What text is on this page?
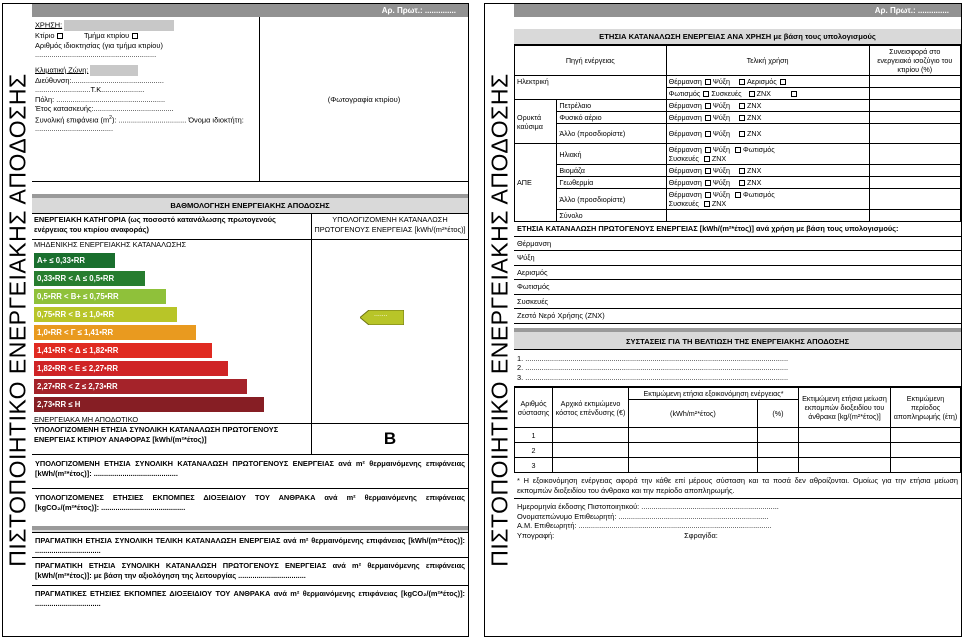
ΠΙΣΤΟΠΟΙΗΤΙΚΟ ΕΝΕΡΓΕΙΑΚΗΣ ΑΠΟΔΟΣΗΣ
Αρ. Πρωτ.: ..............
ΧΡΗΣΗ:
Κτίριο	Τμήμα κτιρίου
Αριθμός ιδιοκτησίας (για τμήμα κτιρίου)
...........................................................
Κλιματική Ζώνη:
Διεύθυνση:.............................................
...........................Τ.Κ.....................
Πόλη: .....................................................
Έτος κατασκευής:.......................................
Συνολική επιφάνεια $(m^2)$: ................................. Όνομα ιδιοκτήτη: ......................................
(Φωτογραφία κτιρίου)
ΒΑΘΜΟΛΟΓΗΣΗ ΕΝΕΡΓΕΙΑΚΗΣ ΑΠΟΔΟΣΗΣ
ΕΝΕΡΓΕΙΑΚΗ ΚΑΤΗΓΟΡΙΑ (ως ποσοστό κατανάλωσης πρωτογενούς ενέργειας του κτιρίου αναφοράς)
ΜΗΔΕΝΙΚΗΣ ΕΝΕΡΓΕΙΑΚΗΣ ΚΑΤΑΝΑΛΩΣΗΣ
Α+ ≤ 0,33•RR
0,33•RR < Α ≤ 0,5•RR
0,5•RR < Β+ ≤ 0,75•RR
0,75•RR < Β ≤ 1,0•RR
1,0•RR < Γ ≤ 1,41•RR
1,41•RR < Δ ≤ 1,82•RR
1,82•RR < Ε ≤ 2,27•RR
2,27•RR < Ζ ≤ 2,73•RR
2,73•RR ≤ Η
ΕΝΕΡΓΕΙΑΚΑ ΜΗ ΑΠΟΔΟΤΙΚΟ
ΥΠΟΛΟΓΙΖΟΜΕΝΗ ΚΑΤΑΝΑΛΩΣΗ ΠΡΩΤΟΓΕΝΟΥΣ ΕΝΕΡΓΕΙΑΣ [kWh/(m²*έτος)]
.......
ΥΠΟΛΟΓΙΖΟΜΕΝΗ ΕΤΗΣΙΑ ΣΥΝΟΛΙΚΗ ΚΑΤΑΝΑΛΩΣΗ ΠΡΩΤΟΓΕΝΟΥΣ ΕΝΕΡΓΕΙΑΣ ΚΤΙΡΙΟΥ ΑΝΑΦΟΡΑΣ [kWh/(m²*έτος)]	B
ΥΠΟΛΟΓΙΖΟΜΕΝΗ ΕΤΗΣΙΑ ΣΥΝΟΛΙΚΗ ΚΑΤΑΝΑΛΩΣΗ ΠΡΩΤΟΓΕΝΟΥΣ ΕΝΕΡΓΕΙΑΣ ανά m² θερμαινόμενης επιφάνειας [kWh/(m²*έτος)]: .........................................
ΥΠΟΛΟΓΙΖΟΜΕΝΕΣ ΕΤΗΣΙΕΣ ΕΚΠΟΜΠΕΣ ΔΙΟΞΕΙΔΙΟΥ ΤΟΥ ΑΝΘΡΑΚΑ ανά m² θερμαινόμενης επιφάνειας [kgCO₂/(m²*έτος)]: .........................................
ΠΡΑΓΜΑΤΙΚΗ ΕΤΗΣΙΑ ΣΥΝΟΛΙΚΗ ΤΕΛΙΚΗ ΚΑΤΑΝΑΛΩΣΗ ΕΝΕΡΓΕΙΑΣ ανά m² θερμαινόμενης επιφάνειας [kWh/(m²*έτος)]: ................................
ΠΡΑΓΜΑΤΙΚΗ ΕΤΗΣΙΑ ΣΥΝΟΛΙΚΗ ΚΑΤΑΝΑΛΩΣΗ ΠΡΩΤΟΓΕΝΟΥΣ ΕΝΕΡΓΕΙΑΣ ανά m² θερμαινόμενης επιφάνειας [kWh/(m²*έτος)]: με βάση την αξιολόγηση της λειτουργίας .................................
ΠΡΑΓΜΑΤΙΚΕΣ ΕΤΗΣΙΕΣ ΕΚΠΟΜΠΕΣ ΔΙΟΞΕΙΔΙΟΥ ΤΟΥ ΑΝΘΡΑΚΑ ανά m² θερμαινόμενης επιφάνειας [kgCO₂/(m²*έτος)]: ................................
ΠΙΣΤΟΠΟΙΗΤΙΚΟ ΕΝΕΡΓΕΙΑΚΗΣ ΑΠΟΔΟΣΗΣ
Αρ. Πρωτ.: ..............
ΕΤΗΣΙΑ ΚΑΤΑΝΑΛΩΣΗ ΕΝΕΡΓΕΙΑΣ ΑΝΑ ΧΡΗΣΗ με βάση τους υπολογισμούς
Πηγή ενέργειας		Τελική χρήση	Συνεισφορά στο ενεργειακό ισοζύγιο του κτιρίου (%)
Ηλεκτρική		Θέρμανση Ψύξη Αερισμός	
		Φωτισμός Συσκευές ΖΝΧ	
Ορυκτά καύσιμα	Πετρέλαιο	Θέρμανση Ψύξη ΖΝΧ	
	Φυσικό αέριο	Θέρμανση Ψύξη ΖΝΧ	
	Άλλο (προσδιορίστε)	Θέρμανση Ψύξη ΖΝΧ	
ΑΠΕ	Ηλιακή	Θέρμανση Ψύξη Φωτισμός
Συσκευές ΖΝΧ	
	Βιομάζα	Θέρμανση Ψύξη ΖΝΧ	
	Γεωθερμία	Θέρμανση Ψύξη ΖΝΧ	
	Άλλο (προσδιορίστε)	Θέρμανση Ψύξη Φωτισμός
Συσκευές ΖΝΧ	
	Σύνολο		
ΕΤΗΣΙΑ ΚΑΤΑΝΑΛΩΣΗ ΠΡΩΤΟΓΕΝΟΥΣ ΕΝΕΡΓΕΙΑΣ [kWh/(m²*έτος)] ανά χρήση με βάση τους υπολογισμούς:
Θέρμανση
Ψύξη
Αερισμός
Φωτισμός
Συσκευές
Ζεστό Νερό Χρήσης (ΖΝΧ)
ΣΥΣΤΑΣΕΙΣ ΓΙΑ ΤΗ ΒΕΛΤΙΩΣΗ ΤΗΣ ΕΝΕΡΓΕΙΑΚΗΣ ΑΠΟΔΟΣΗΣ
1. ................................................................................................................................
2. ................................................................................................................................
3. ................................................................................................................................
Αριθμός σύστασης	Αρχικό εκτιμώμενο κόστος επένδυσης (€)	Εκτιμώμενη ετήσια εξοικονόμηση ενέργειας*		Εκτιμώμενη ετήσια μείωση εκπομπών διοξειδίου του άνθρακα [kg/(m²*έτος)]	Εκτιμώμενη περίοδος αποπληρωμής (έτη)
		(kWh/m²*έτος)	(%)		
1					
2					
3					
* Η εξοικονόμηση ενέργειας αφορά την κάθε επί μέρους σύσταση και τα ποσά δεν αθροίζονται. Ομοίως για την ετήσια μείωση εκπομπών διοξειδίου του άνθρακα και την περίοδο αποπληρωμής.
Ημερομηνία έκδοσης Πιστοποιητικού: ...................................................................
Ονοματεπώνυμο Επιθεωρητή: .........................................................................
Α.Μ. Επιθεωρητή: ..............................................................................................
Υπογραφή:	Σφραγίδα:
